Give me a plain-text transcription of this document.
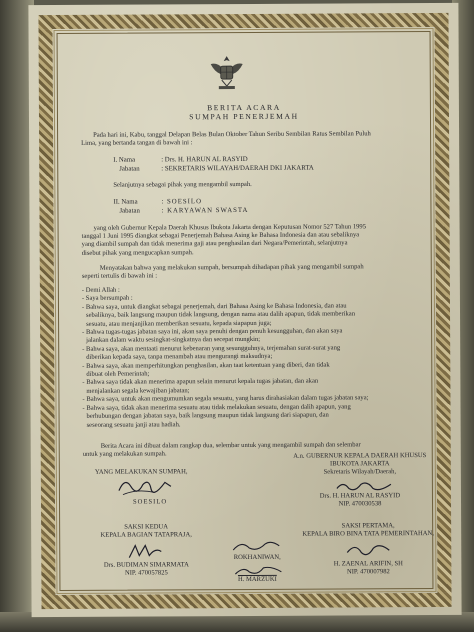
BERITA ACARA
SUMPAH PENERJEMAH
Pada hari ini, Kabu, tanggal Delapan Belas Bulan Oktober Tahun Seribu Sembilan Ratus Sembilan Puluh
Lima, yang bertanda tangan di bawah ini :
I. Nama	: Drs. H. HARUN AL RASYID
Jabatan	: SEKRETARIS WILAYAH/DAERAH DKI JAKARTA
Selanjutnya sebagai pihak yang mengambil sumpah.
II. Nama	: SOESILO
Jabatan	: KARYAWAN SWASTA
yang oleh Gubernur Kepala Daerah Khusus Ibukota Jakarta dengan Keputusan Nomor 527 Tahun 1995
tanggal 1 Juni 1995 diangkat sebagai Penerjemah Bahasa Asing ke Bahasa Indonesia dan atau sebaliknya
yang diambil sumpah dan tidak menerima gaji atau penghasilan dari Negara/Pemerintah, selanjutnya
disebut pihak yang mengucapkan sumpah.
Menyatakan bahwa yang melakukan sumpah, bersumpah dihadapan pihak yang mengambil sumpah
seperti tertulis di bawah ini :
- Demi Allah :
- Saya bersumpah :
- Bahwa saya, untuk diangkat sebagai penerjemah, dari Bahasa Asing ke Bahasa Indonesia, dan atau
sebaliknya, baik langsung maupun tidak langsung, dengan nama atau dalih apapun, tidak memberikan
sesuatu, atau menjanjikan memberikan sesuatu, kepada siapapun juga;
- Bahwa tugas-tugas jabatan saya ini, akan saya penuhi dengan penuh kesungguhan, dan akan saya
jalankan dalam waktu sesingkat-singkatnya dan secepat mungkin;
- Bahwa saya, akan mentaati menurut kebenaran yang sesungguhnya, terjemahan surat-surat yang
diberikan kepada saya, tanpa menambah atau mengurangi maksudnya;
- Bahwa saya, akan memperhitungkan penghasilan, akan taat ketentuan yang diberi, dan tidak
dibuat oleh Pemerintah;
- Bahwa saya tidak akan menerima apapun selain menurut kepala tugas jabatan, dan akan
menjalankan segala kewajiban jabatan;
- Bahwa saya, untuk akan mengumumkan segala sesuatu, yang harus dirahasiakan dalam tugas jabatan saya;
- Bahwa saya, tidak akan menerima sesuatu atau tidak melakukan sesuatu, dengan dalih apapun, yang
berhubungan dengan jabatan saya, baik langsung maupun tidak langsung dari siapapun, dan
seseorang sesuatu janji atau hadiah.
Berita Acara ini dibuat dalam rangkap dua, selembar untuk yang mengambil sumpah dan selembar
untuk yang melakukan sumpah.
YANG MELAKUKAN SUMPAH,
SOESILO
A.n. GUBERNUR KEPALA DAERAH KHUSUS
IBUKOTA JAKARTA
Sekretaris Wilayah/Daerah,
Drs. H. HARUN AL RASYID
NIP. 470030538
SAKSI KEDUA
KEPALA BAGIAN TATAPRAJA,
Drs. BUDIMAN SIMARMATA
NIP. 470057825
SAKSI PERTAMA,
KEPALA BIRO BINA TATA PEMERINTAHAN,
H. ZAENAL ARIFIN, SH
NIP. 470007982
ROKHANIWAN,
H. MARZUKI
